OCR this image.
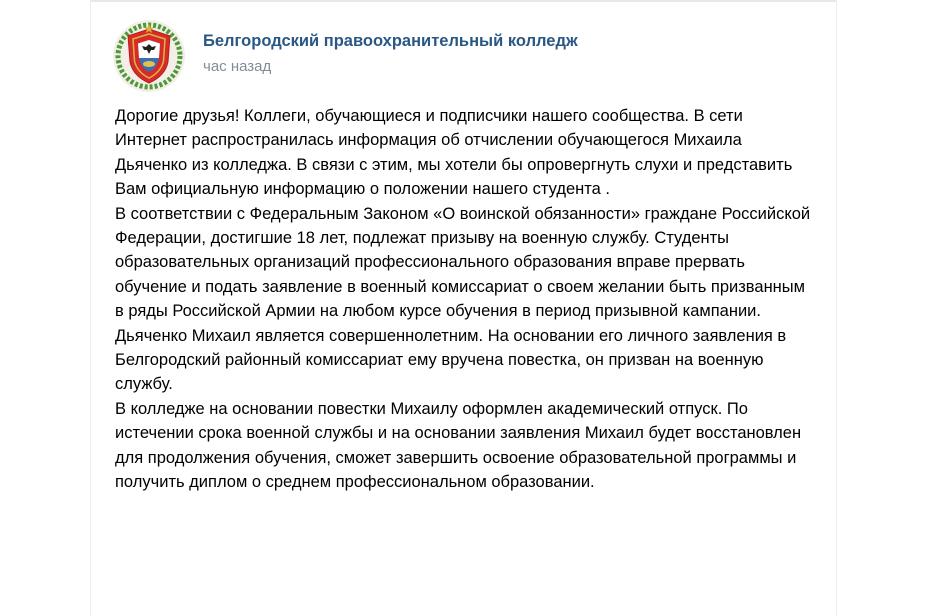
Белгородский правоохранительный колледж
час назад

Дорогие друзья! Коллеги, обучающиеся и подписчики нашего сообщества. В сети Интернет распространилась информация об отчислении обучающегося Михаила Дьяченко из колледжа. В связи с этим, мы хотели бы опровергнуть слухи и представить Вам официальную информацию о положении нашего студента .

В соответствии с Федеральным Законом «О воинской обязанности» граждане Российской Федерации, достигшие 18 лет, подлежат призыву на военную службу. Студенты образовательных организаций профессионального образования вправе прервать обучение и подать заявление в военный комиссариат о своем желании быть призванным в ряды Российской Армии на любом курсе обучения в период призывной кампании.

Дьяченко Михаил является совершеннолетним. На основании его личного заявления в Белгородский районный комиссариат ему вручена повестка, он призван на военную службу.

В колледже на основании повестки Михаилу оформлен академический отпуск. По истечении срока военной службы и на основании заявления Михаил будет восстановлен для продолжения обучения, сможет завершить освоение образовательной программы и получить диплом о среднем профессиональном образовании.
